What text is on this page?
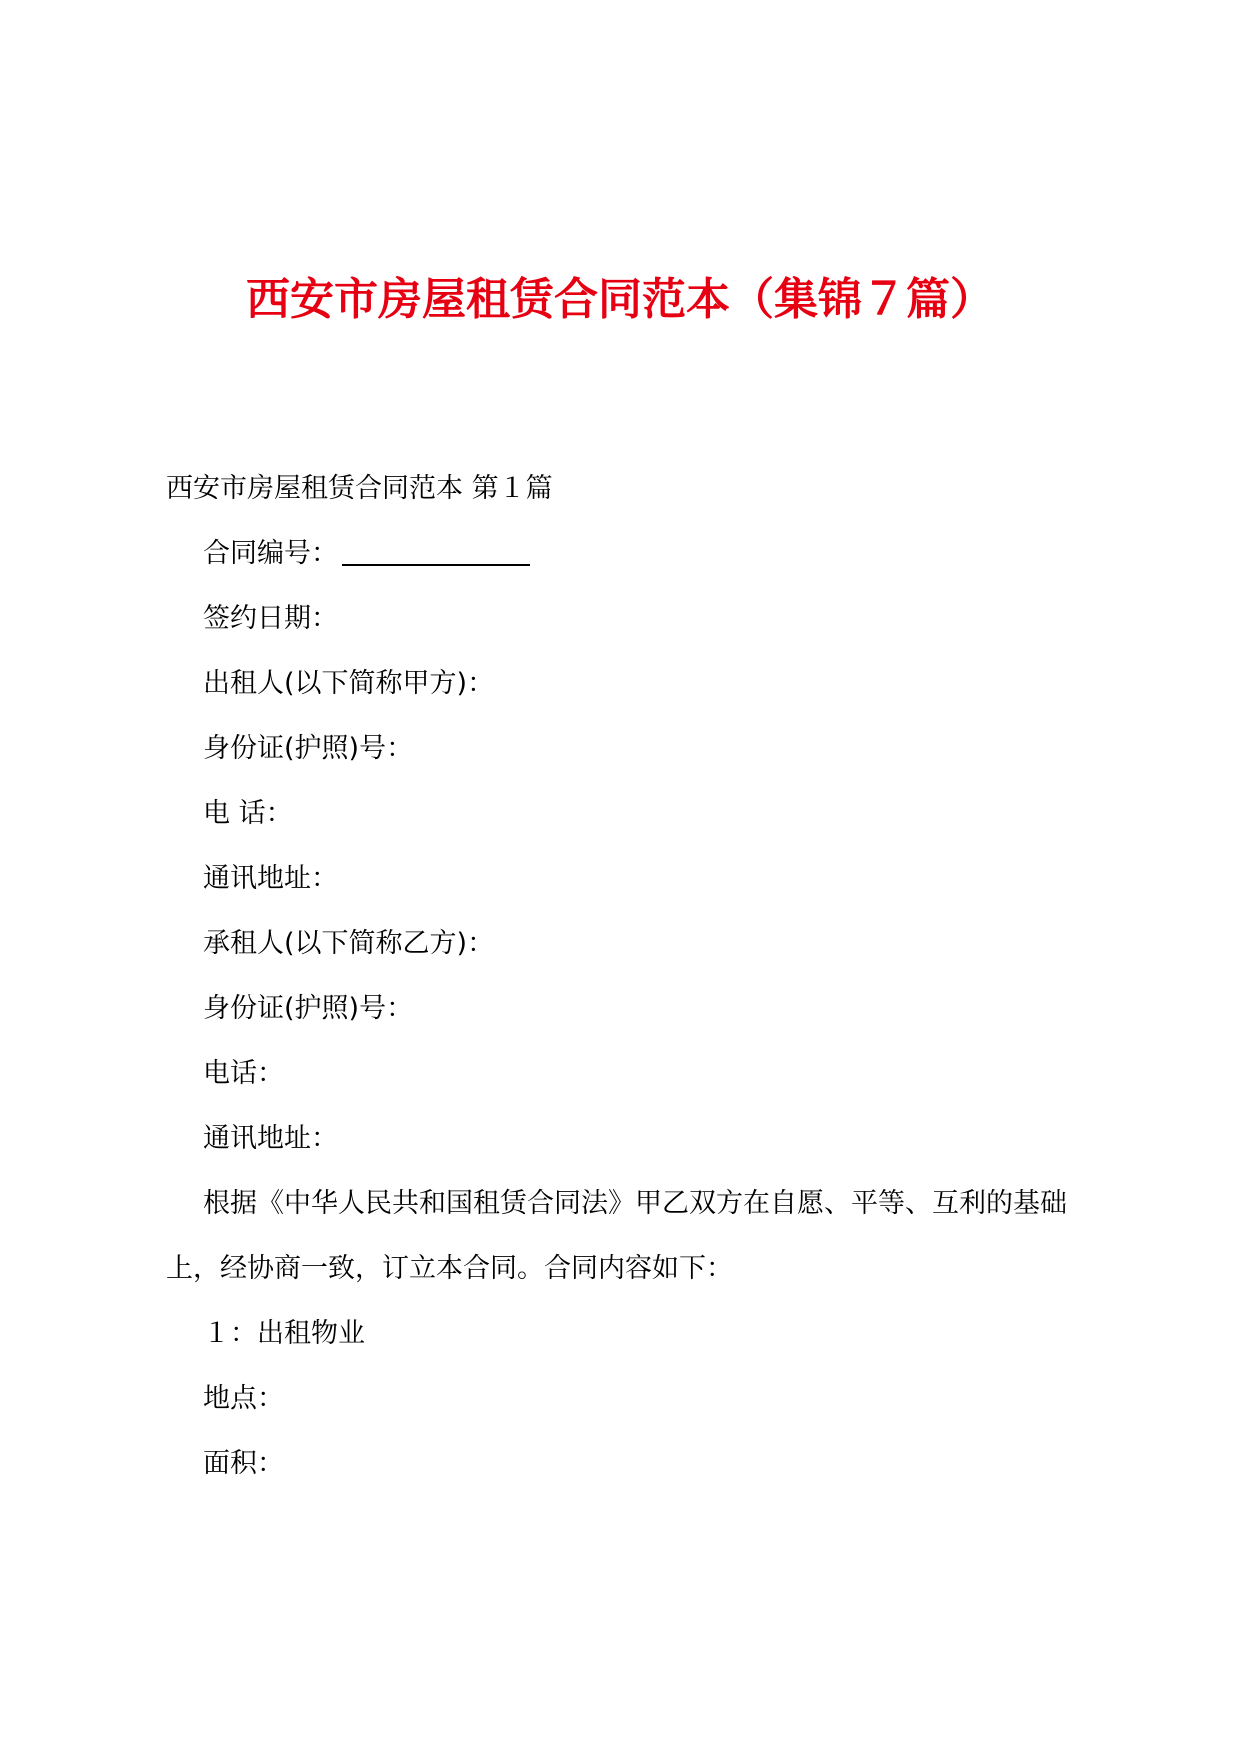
西安市房屋租赁合同范本（集锦７篇）
西安市房屋租赁合同范本 第１篇
合同编号：
签约日期：
出租人(以下简称甲方)：
身份证(护照)号：
电 话：
通讯地址：
承租人(以下简称乙方)：
身份证(护照)号：
电话：
通讯地址：
根据《中华人民共和国租赁合同法》甲乙双方在自愿、平等、互利的基础上，经协商一致，订立本合同。合同内容如下：
１：出租物业
地点：
面积：
